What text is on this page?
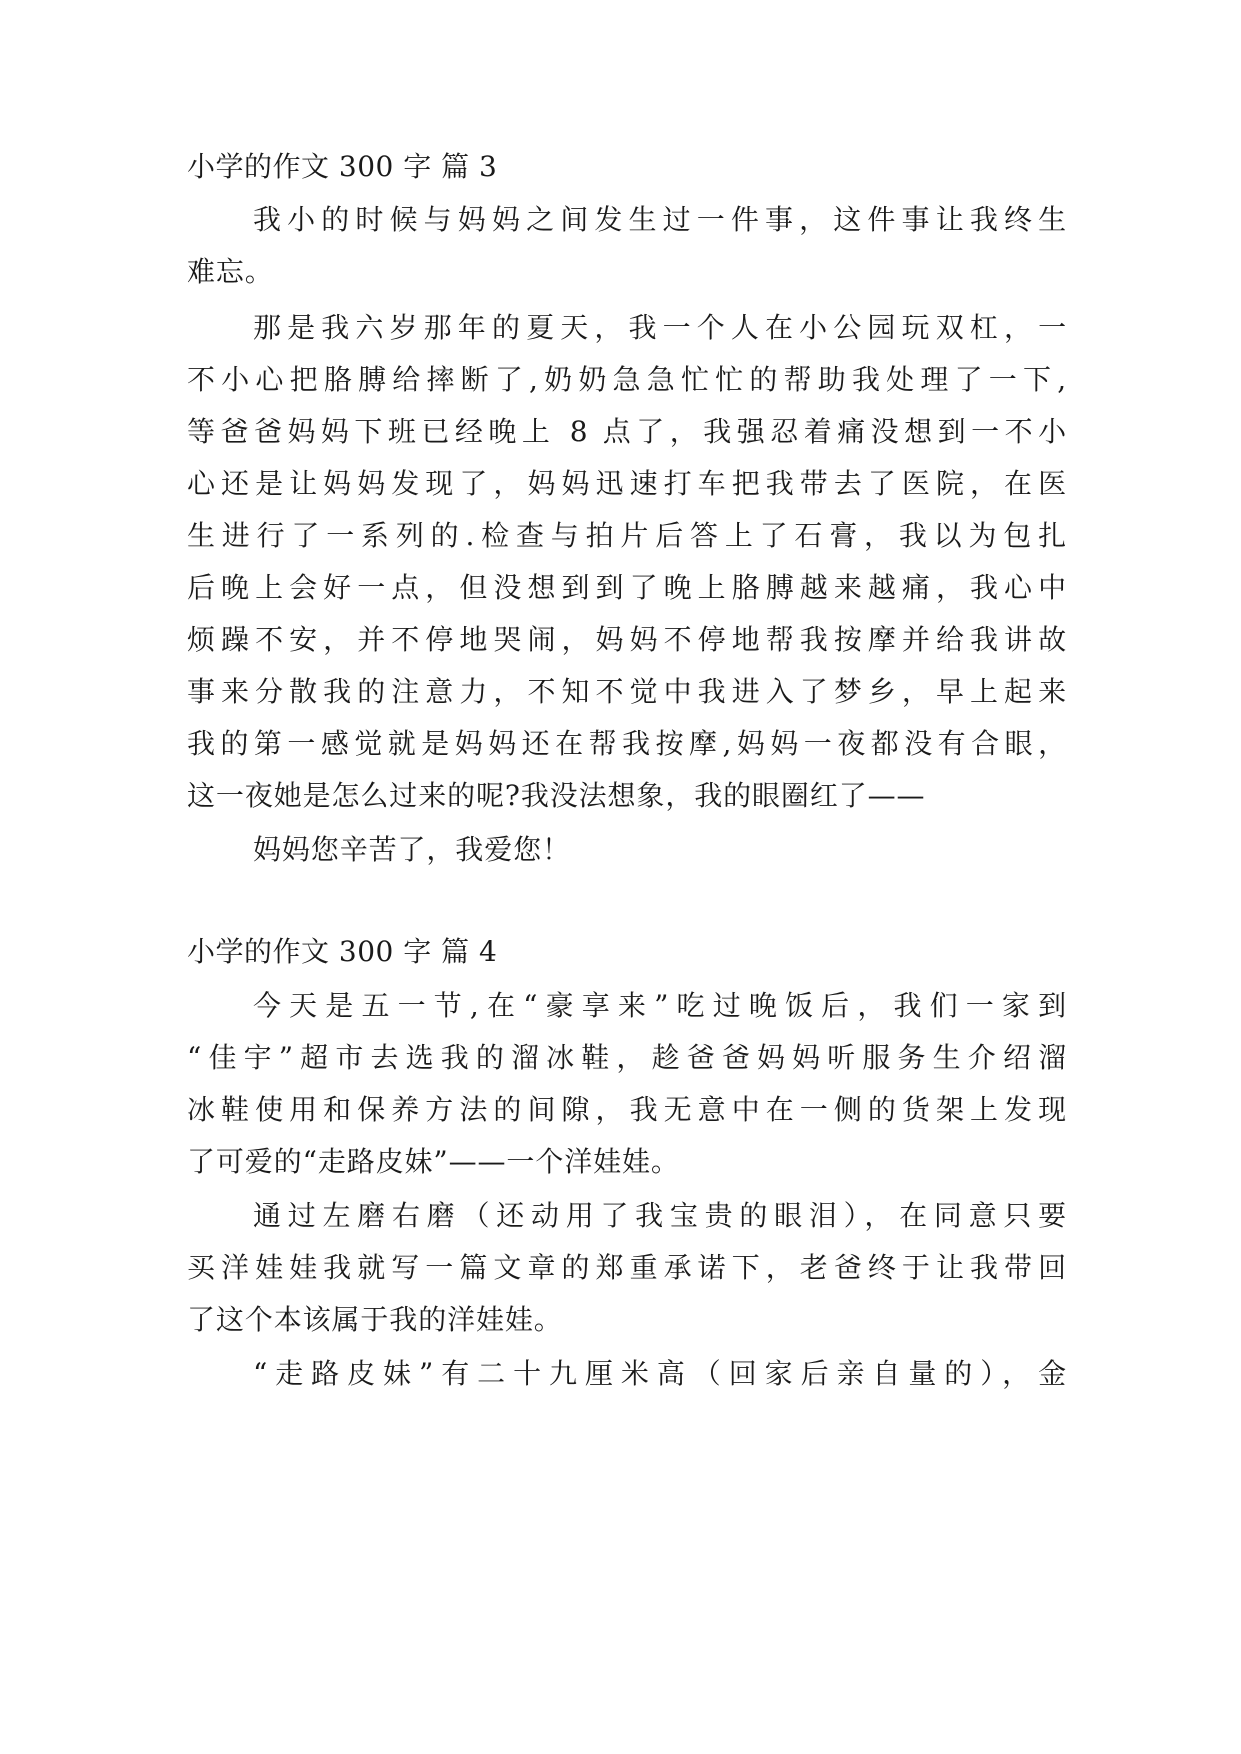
小学的作文 300 字 篇 3
我小的时候与妈妈之间发生过一件事，这件事让我终生
难忘。
那是我六岁那年的夏天，我一个人在小公园玩双杠，一
不小心把胳膊给摔断了,奶奶急急忙忙的帮助我处理了一下,
等爸爸妈妈下班已经晚上 8 点了，我强忍着痛没想到一不小
心还是让妈妈发现了，妈妈迅速打车把我带去了医院，在医
生进行了一系列的.检查与拍片后答上了石膏，我以为包扎
后晚上会好一点，但没想到到了晚上胳膊越来越痛，我心中
烦躁不安，并不停地哭闹，妈妈不停地帮我按摩并给我讲故
事来分散我的注意力，不知不觉中我进入了梦乡，早上起来
我的第一感觉就是妈妈还在帮我按摩,妈妈一夜都没有合眼，
这一夜她是怎么过来的呢?我没法想象，我的眼圈红了——
妈妈您辛苦了，我爱您！
小学的作文 300 字 篇 4
今天是五一节,在“豪享来”吃过晚饭后，我们一家到
“佳宇”超市去选我的溜冰鞋，趁爸爸妈妈听服务生介绍溜
冰鞋使用和保养方法的间隙，我无意中在一侧的货架上发现
了可爱的“走路皮妹”——一个洋娃娃。
通过左磨右磨（还动用了我宝贵的眼泪），在同意只要
买洋娃娃我就写一篇文章的郑重承诺下，老爸终于让我带回
了这个本该属于我的洋娃娃。
“走路皮妹”有二十九厘米高（回家后亲自量的），金
